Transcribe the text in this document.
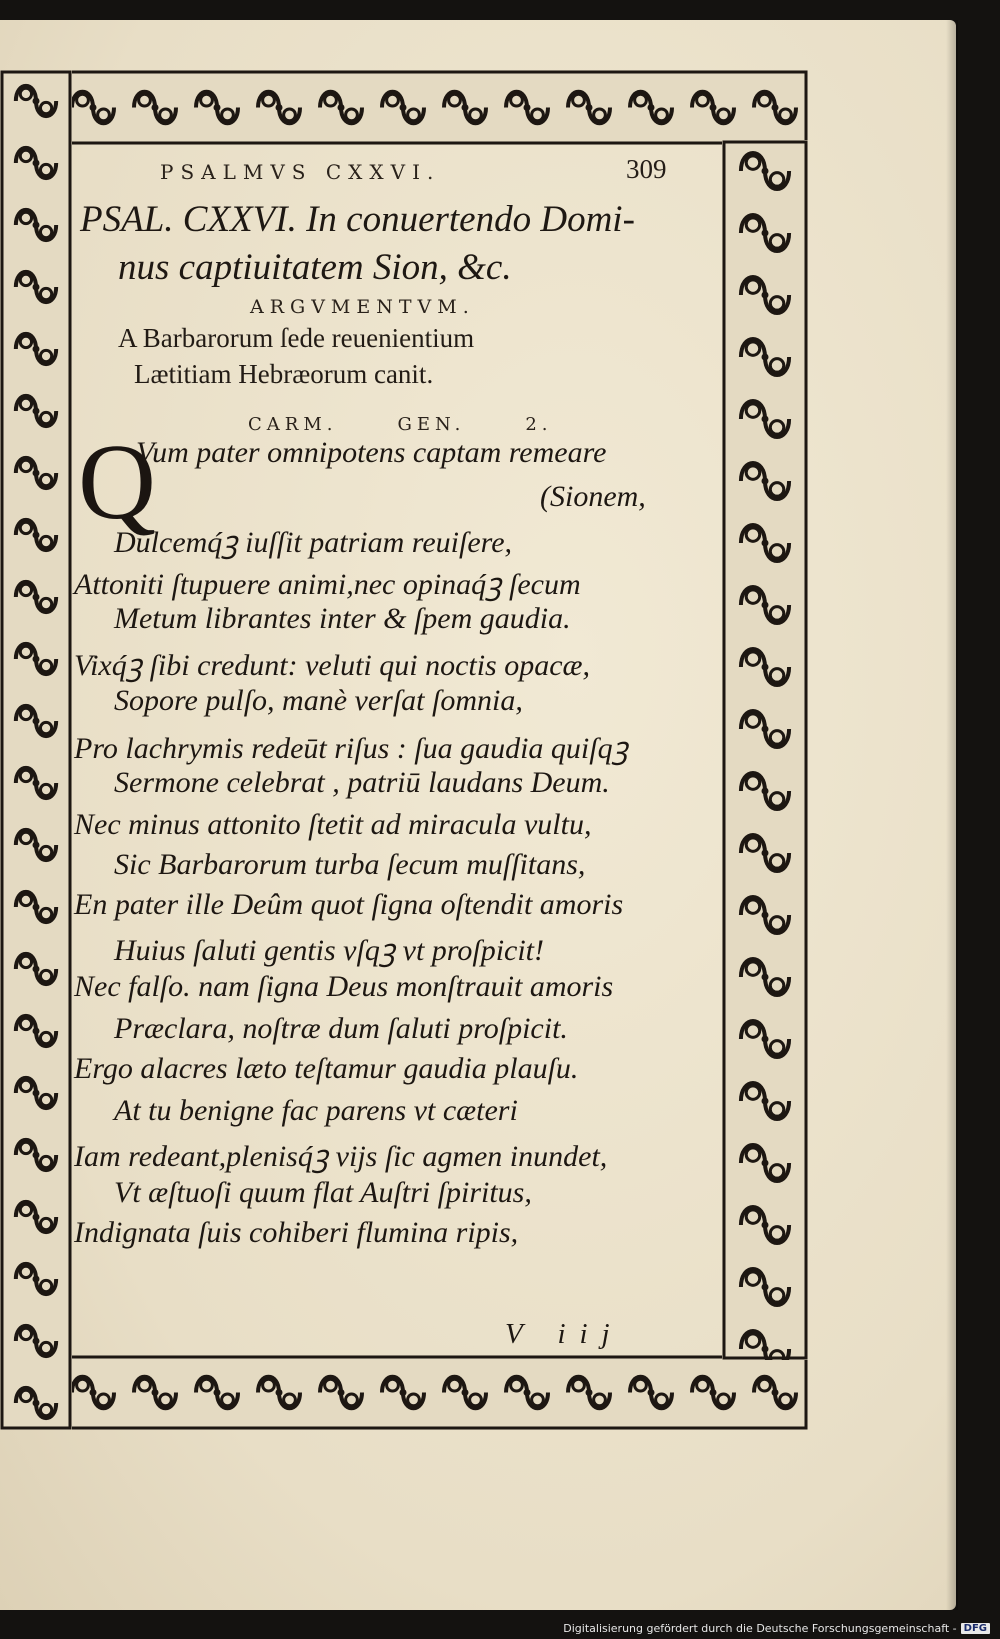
PSALMVS CXXVI.	309
PSAL. CXXVI. In conuertendo Domi-
nus captiuitatem Sion, &c.
ARGVMENTVM.
A Barbarorum ſede reuenientium
Lætitiam Hebræorum canit.
CARM.	GEN.	2.
Q
Vum pater omnipotens captam remeare
(Sionem,
Dulcemq́ꝫ iuſſit patriam reuiſere,
Attoniti ſtupuere animi,nec opinaq́ꝫ ſecum
Metum librantes inter & ſpem gaudia.
Vixq́ꝫ ſibi credunt: veluti qui noctis opacæ,
Sopore pulſo, manè verſat ſomnia,
Pro lachrymis redeūt riſus : ſua gaudia quiſqꝫ
Sermone celebrat , patriū laudans Deum.
Nec minus attonito ſtetit ad miracula vultu,
Sic Barbarorum turba ſecum muſſitans,
En pater ille Deûm quot ſigna oſtendit amoris
Huius ſaluti gentis vſqꝫ vt proſpicit!
Nec falſo. nam ſigna Deus monſtrauit amoris
Præclara, noſtræ dum ſaluti proſpicit.
Ergo alacres læto teſtamur gaudia plauſu.
At tu benigne fac parens vt cæteri
Iam redeant,plenisq́ꝫ vijs ſic agmen inundet,
Vt æſtuoſi quum flat Auſtri ſpiritus,
Indignata ſuis cohiberi flumina ripis,
V iij
Digitalisierung gefördert durch die Deutsche Forschungsgemeinschaft - DFG
